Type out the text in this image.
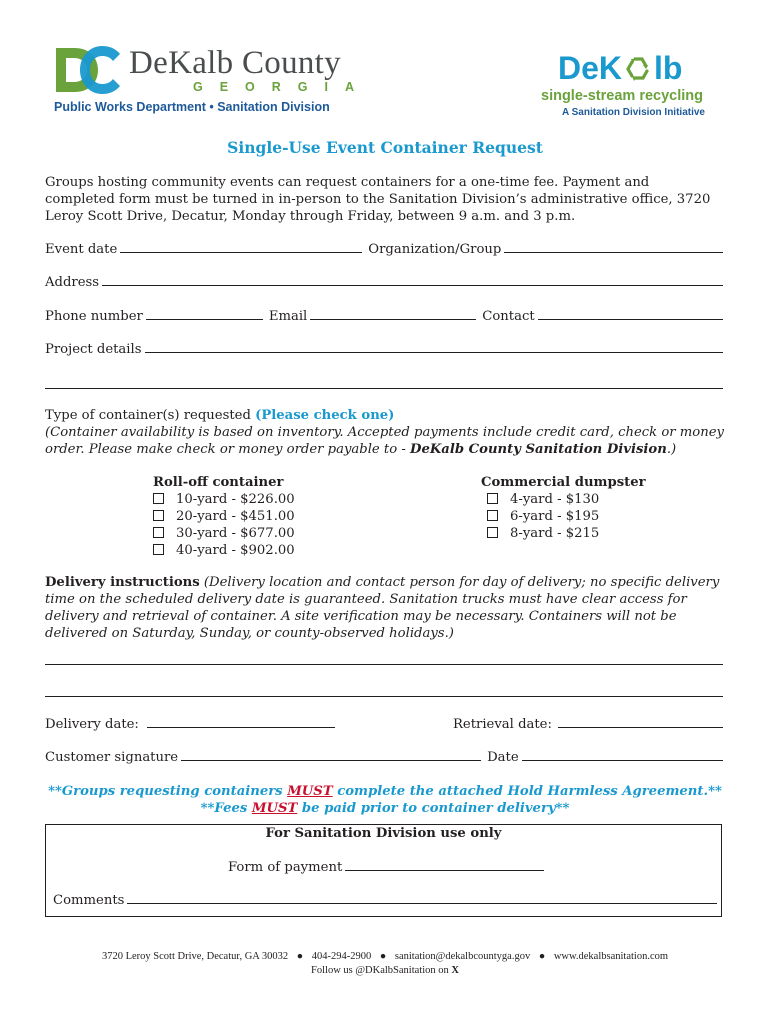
DeKalb County
GEORGIA
Public Works Department • Sanitation Division
DeK lb
single-stream recycling
A Sanitation Division Initiative
Single-Use Event Container Request
Groups hosting community events can request containers for a one-time fee. Payment and
completed form must be turned in in-person to the Sanitation Division’s administrative office, 3720
Leroy Scott Drive, Decatur, Monday through Friday, between 9 a.m. and 3 p.m.
Event date	Organization/Group
Address
Phone number	Email	Contact
Project details
Type of container(s) requested (Please check one)
(Container availability is based on inventory. Accepted payments include credit card, check or money
order. Please make check or money order payable to - DeKalb County Sanitation Division.)
Roll-off container
10-yard - $226.00
20-yard - $451.00
30-yard - $677.00
40-yard - $902.00
Commercial dumpster
4-yard - $130
6-yard - $195
8-yard - $215
Delivery instructions (Delivery location and contact person for day of delivery; no specific delivery
time on the scheduled delivery date is guaranteed. Sanitation trucks must have clear access for
delivery and retrieval of container. A site verification may be necessary. Containers will not be
delivered on Saturday, Sunday, or county-observed holidays.)
Delivery date:	Retrieval date:
Customer signature	Date
**Groups requesting containers MUST complete the attached Hold Harmless Agreement.**
**Fees MUST be paid prior to container delivery**
For Sanitation Division use only
Form of payment
Comments
3720 Leroy Scott Drive, Decatur, GA 30032 ● 404-294-2900 ● sanitation@dekalbcountyga.gov ● www.dekalbsanitation.com
Follow us @DKalbSanitation on X
